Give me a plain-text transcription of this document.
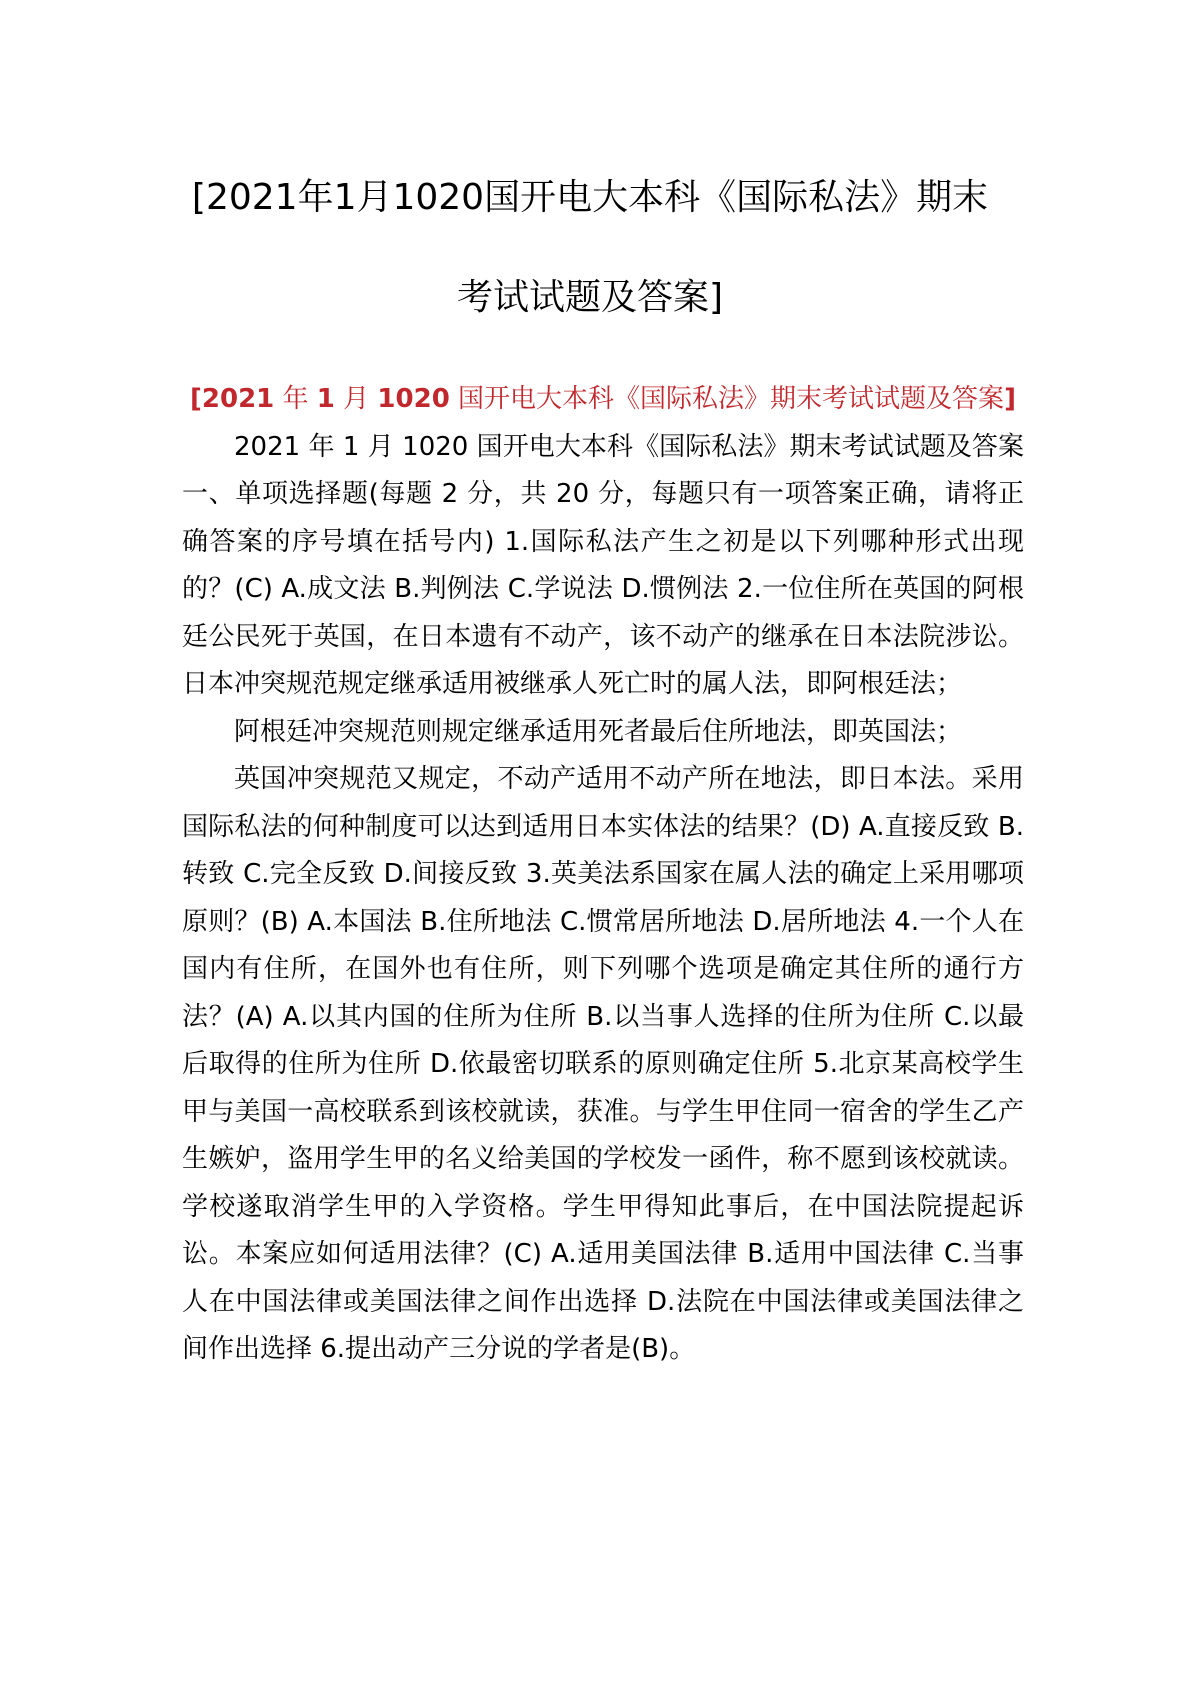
[2021年1月1020国开电大本科《国际私法》期末
考试试题及答案]

[2021 年 1 月 1020 国开电大本科《国际私法》期末考试试题及答案]

2021 年 1 月 1020 国开电大本科《国际私法》期末考试试题及答案 一、单项选择题(每题 2 分，共 20 分，每题只有一项答案正确，请将正确答案的序号填在括号内) 1.国际私法产生之初是以下列哪种形式出现的？(C) A.成文法 B.判例法 C.学说法 D.惯例法 2.一位住所在英国的阿根廷公民死于英国，在日本遗有不动产，该不动产的继承在日本法院涉讼。日本冲突规范规定继承适用被继承人死亡时的属人法，即阿根廷法；

阿根廷冲突规范则规定继承适用死者最后住所地法，即英国法；

英国冲突规范又规定，不动产适用不动产所在地法，即日本法。采用国际私法的何种制度可以达到适用日本实体法的结果？(D) A.直接反致 B.转致 C.完全反致 D.间接反致 3.英美法系国家在属人法的确定上采用哪项原则？(B) A.本国法 B.住所地法 C.惯常居所地法 D.居所地法 4.一个人在国内有住所，在国外也有住所，则下列哪个选项是确定其住所的通行方法？(A) A.以其内国的住所为住所 B.以当事人选择的住所为住所 C.以最后取得的住所为住所 D.依最密切联系的原则确定住所 5.北京某高校学生甲与美国一高校联系到该校就读，获准。与学生甲住同一宿舍的学生乙产生嫉妒，盗用学生甲的名义给美国的学校发一函件，称不愿到该校就读。学校遂取消学生甲的入学资格。学生甲得知此事后，在中国法院提起诉讼。本案应如何适用法律？(C) A.适用美国法律 B.适用中国法律 C.当事人在中国法律或美国法律之间作出选择 D.法院在中国法律或美国法律之间作出选择 6.提出动产三分说的学者是(B)。
